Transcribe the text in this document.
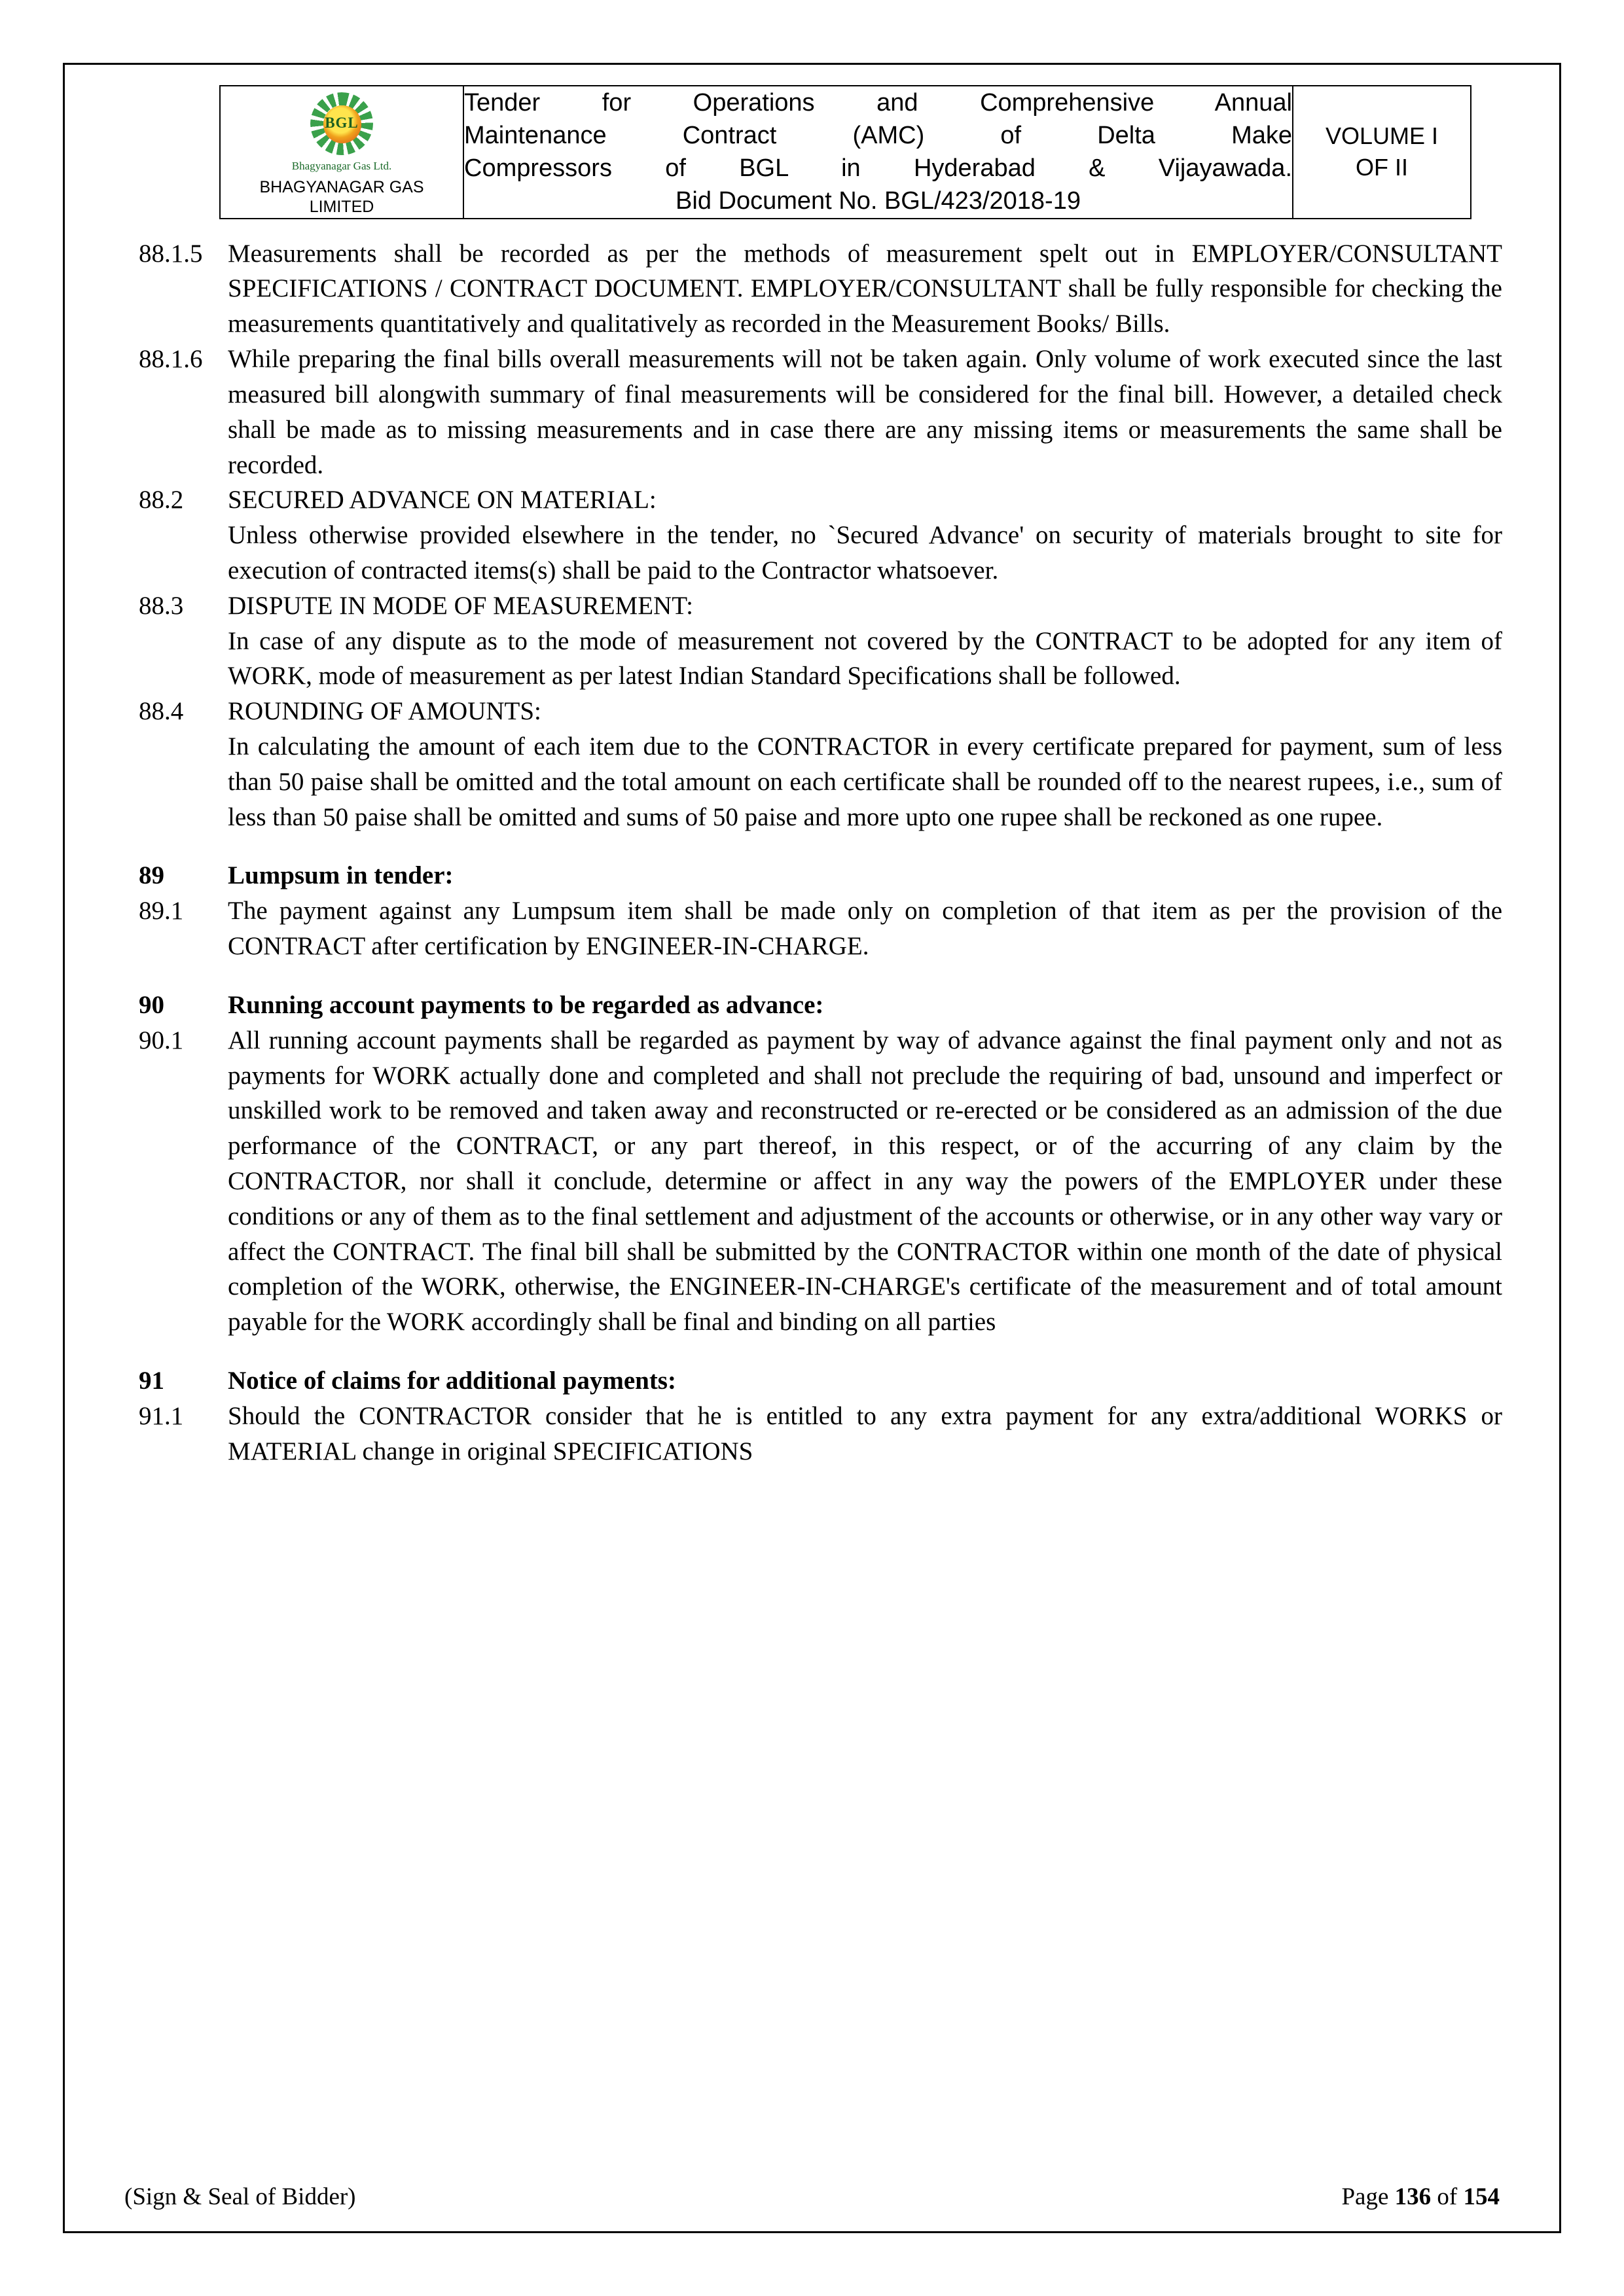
BGL
Bhagyanagar Gas Ltd.
BHAGYANAGAR GAS
LIMITED

Tender for Operations and Comprehensive Annual
Maintenance Contract (AMC) of Delta Make
Compressors of BGL in Hyderabad & Vijayawada.
Bid Document No. BGL/423/2018-19

VOLUME I
OF II
88.1.5 Measurements shall be recorded as per the methods of measurement spelt out in EMPLOYER/CONSULTANT SPECIFICATIONS / CONTRACT DOCUMENT. EMPLOYER/CONSULTANT shall be fully responsible for checking the measurements quantitatively and qualitatively as recorded in the Measurement Books/ Bills.
88.1.6 While preparing the final bills overall measurements will not be taken again. Only volume of work executed since the last measured bill alongwith summary of final measurements will be considered for the final bill. However, a detailed check shall be made as to missing measurements and in case there are any missing items or measurements the same shall be recorded.
88.2	SECURED ADVANCE ON MATERIAL:
Unless otherwise provided elsewhere in the tender, no `Secured Advance' on security of materials brought to site for execution of contracted items(s) shall be paid to the Contractor whatsoever.
88.3	DISPUTE IN MODE OF MEASUREMENT:
In case of any dispute as to the mode of measurement not covered by the CONTRACT to be adopted for any item of WORK, mode of measurement as per latest Indian Standard Specifications shall be followed.
88.4	ROUNDING OF AMOUNTS:
In calculating the amount of each item due to the CONTRACTOR in every certificate prepared for payment, sum of less than 50 paise shall be omitted and the total amount on each certificate shall be rounded off to the nearest rupees, i.e., sum of less than 50 paise shall be omitted and sums of 50 paise and more upto one rupee shall be reckoned as one rupee.
89	Lumpsum in tender:
89.1	The payment against any Lumpsum item shall be made only on completion of that item as per the provision of the CONTRACT after certification by ENGINEER-IN-CHARGE.
90	Running account payments to be regarded as advance:
90.1	All running account payments shall be regarded as payment by way of advance against the final payment only and not as payments for WORK actually done and completed and shall not preclude the requiring of bad, unsound and imperfect or unskilled work to be removed and taken away and reconstructed or re-erected or be considered as an admission of the due performance of the CONTRACT, or any part thereof, in this respect, or of the accurring of any claim by the CONTRACTOR, nor shall it conclude, determine or affect in any way the powers of the EMPLOYER under these conditions or any of them as to the final settlement and adjustment of the accounts or otherwise, or in any other way vary or affect the CONTRACT. The final bill shall be submitted by the CONTRACTOR within one month of the date of physical completion of the WORK, otherwise, the ENGINEER-IN-CHARGE's certificate of the measurement and of total amount payable for the WORK accordingly shall be final and binding on all parties
91	Notice of claims for additional payments:
91.1	Should the CONTRACTOR consider that he is entitled to any extra payment for any extra/additional WORKS or MATERIAL change in original SPECIFICATIONS
(Sign & Seal of Bidder)	Page 136 of 154
